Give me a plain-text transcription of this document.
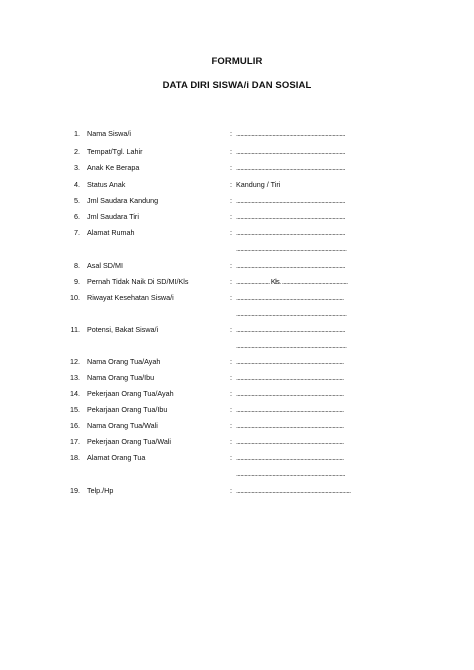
FORMULIR
DATA DIRI SISWA/i DAN SOSIAL
1. Nama Siswa/i	: ..............................................................................
2. Tempat/Tgl. Lahir	: ..............................................................................
3. Anak Ke Berapa	: ..............................................................................
4. Status Anak	: Kandung / Tiri
5. Jml Saudara Kandung	: ..............................................................................
6. Jml Saudara Tiri	: ..............................................................................
7. Alamat Rumah	: ..............................................................................
...............................................................................
8. Asal SD/MI	: ..............................................................................
9. Pernah Tidak Naik Di SD/MI/Kls	: ........................ Kls. ...............................................
10. Riwayat Kesehatan Siswa/i	: .............................................................................
...............................................................................
11. Potensi, Bakat Siswa/i	: ..............................................................................
...............................................................................
12. Nama Orang Tua/Ayah	: .............................................................................
13. Nama Orang Tua/Ibu	: .............................................................................
14. Pekerjaan Orang Tua/Ayah	: .............................................................................
15. Pekarjaan Orang Tua/Ibu	: .............................................................................
16. Nama Orang Tua/Wali	: .............................................................................
17. Pekerjaan Orang Tua/Wali	: .............................................................................
18. Alamat Orang Tua	: .............................................................................
..............................................................................
19. Telp./Hp	: ..................................................................................
